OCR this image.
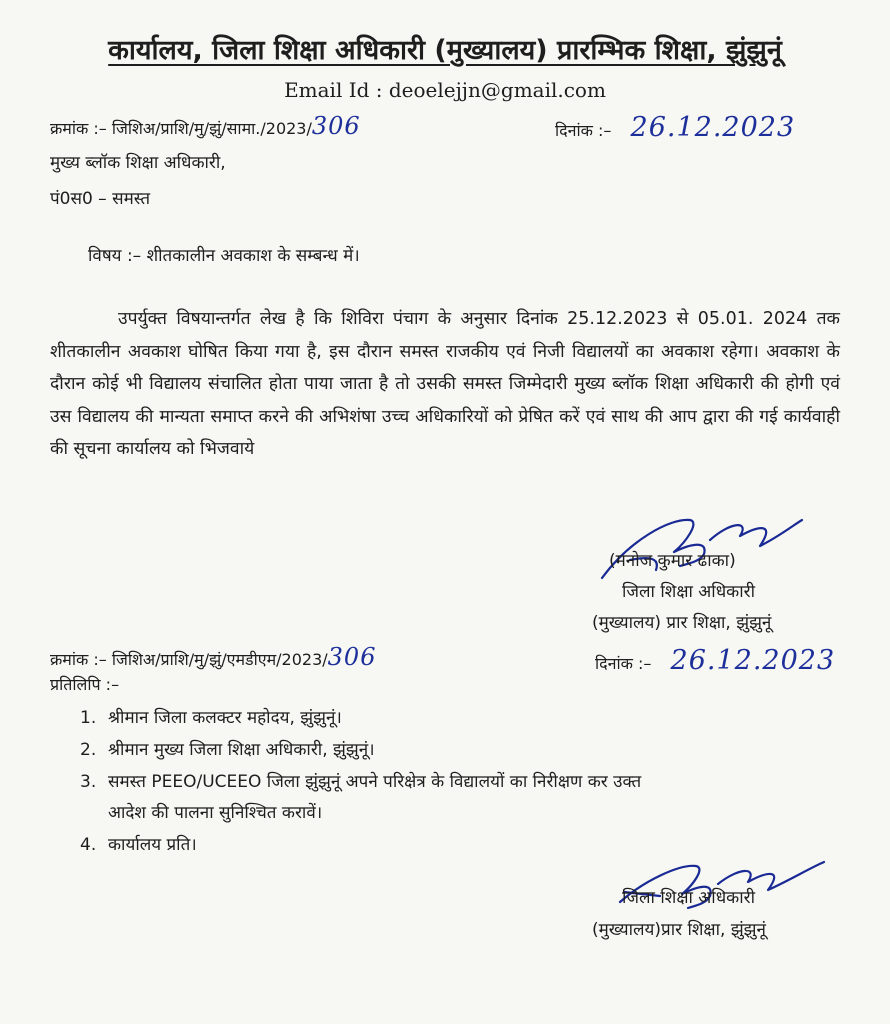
कार्यालय, जिला शिक्षा अधिकारी (मुख्यालय) प्रारम्भिक शिक्षा, झुंझुनूं
Email Id : deoelejjn@gmail.com
क्रमांक :– जिशिअ/प्राशि/मु/झुं/सामा./2023/306	दिनांक :– 26.12.2023
मुख्य ब्लॉक शिक्षा अधिकारी,
पं0स0 – समस्त
विषय :– शीतकालीन अवकाश के सम्बन्ध में।
उपर्युक्त विषयान्तर्गत लेख है कि शिविरा पंचाग के अनुसार दिनांक 25.12.2023 से 05.01. 2024 तक शीतकालीन अवकाश घोषित किया गया है, इस दौरान समस्त राजकीय एवं निजी विद्यालयों का अवकाश रहेगा। अवकाश के दौरान कोई भी विद्यालय संचालित होता पाया जाता है तो उसकी समस्त जिम्मेदारी मुख्य ब्लॉक शिक्षा अधिकारी की होगी एवं उस विद्यालय की मान्यता समाप्त करने की अभिशंषा उच्च अधिकारियों को प्रेषित करें एवं साथ की आप द्वारा की गई कार्यवाही की सूचना कार्यालय को भिजवाये
(मनोज कुमार ढाका)
जिला शिक्षा अधिकारी
(मुख्यालय) प्रार शिक्षा, झुंझुनूं
क्रमांक :– जिशिअ/प्राशि/मु/झुं/एमडीएम/2023/306	दिनांक :– 26.12.2023
प्रतिलिपि :–
1. श्रीमान जिला कलक्टर महोदय, झुंझुनूं।
2. श्रीमान मुख्य जिला शिक्षा अधिकारी, झुंझुनूं।
3. समस्त PEEO/UCEEO जिला झुंझुनूं अपने परिक्षेत्र के विद्यालयों का निरीक्षण कर उक्त
आदेश की पालना सुनिश्चित करावें।
4. कार्यालय प्रति।
जिला शिक्षा अधिकारी
(मुख्यालय)प्रार शिक्षा, झुंझुनूं
